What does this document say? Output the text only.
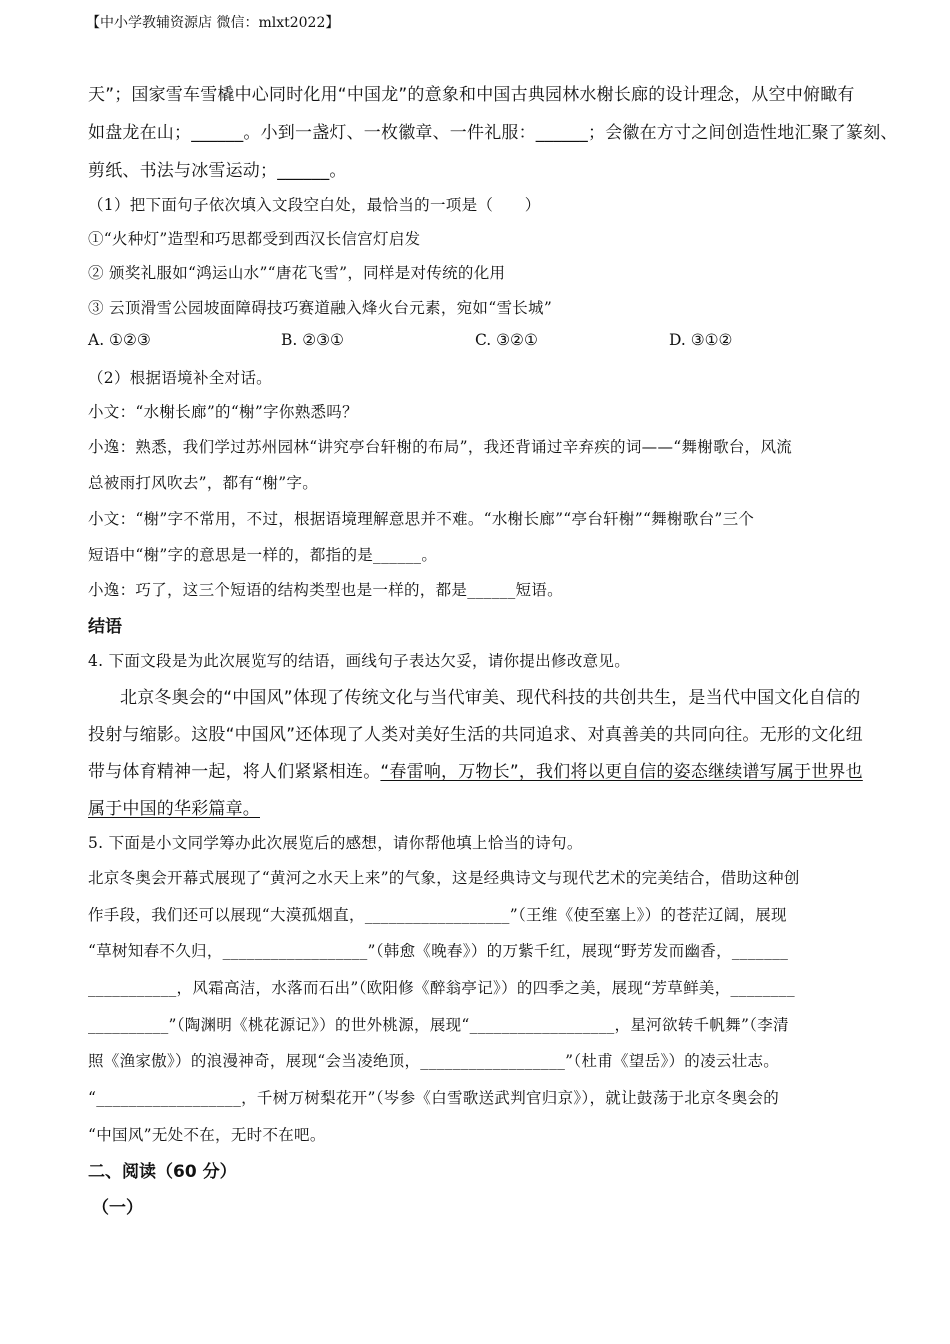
【中小学教辅资源店 微信：mlxt2022】
天”；国家雪车雪橇中心同时化用“中国龙”的意象和中国古典园林水榭长廊的设计理念，从空中俯瞰有
如盘龙在山；______。小到一盏灯、一枚徽章、一件礼服：______；会徽在方寸之间创造性地汇聚了篆刻、
剪纸、书法与冰雪运动；______。
（1）把下面句子依次填入文段空白处，最恰当的一项是（　　）
①“火种灯”造型和巧思都受到西汉长信宫灯启发
② 颁奖礼服如“鸿运山水”“唐花飞雪”，同样是对传统的化用
③ 云顶滑雪公园坡面障碍技巧赛道融入烽火台元素，宛如“雪长城”
A. ①②③	B. ②③①	C. ③②①	D. ③①②
（2）根据语境补全对话。
小文：“水榭长廊”的“榭”字你熟悉吗？
小逸：熟悉，我们学过苏州园林“讲究亭台轩榭的布局”，我还背诵过辛弃疾的词——“舞榭歌台，风流
总被雨打风吹去”，都有“榭”字。
小文：“榭”字不常用，不过，根据语境理解意思并不难。“水榭长廊”“亭台轩榭”“舞榭歌台”三个
短语中“榭”字的意思是一样的，都指的是______。
小逸：巧了，这三个短语的结构类型也是一样的，都是______短语。
结语
4. 下面文段是为此次展览写的结语，画线句子表达欠妥，请你提出修改意见。
北京冬奥会的“中国风”体现了传统文化与当代审美、现代科技的共创共生，是当代中国文化自信的
投射与缩影。这股“中国风”还体现了人类对美好生活的共同追求、对真善美的共同向往。无形的文化纽
带与体育精神一起，将人们紧紧相连。“春雷响，万物长”，我们将以更自信的姿态继续谱写属于世界也
属于中国的华彩篇章。
5. 下面是小文同学筹办此次展览后的感想，请你帮他填上恰当的诗句。
北京冬奥会开幕式展现了“黄河之水天上来”的气象，这是经典诗文与现代艺术的完美结合，借助这种创
作手段，我们还可以展现“大漠孤烟直，__________________”（王维《使至塞上》）的苍茫辽阔，展现
“草树知春不久归，__________________”（韩愈《晚春》）的万紫千红，展现“野芳发而幽香，_______
___________，风霜高洁，水落而石出”（欧阳修《醉翁亭记》）的四季之美，展现“芳草鲜美，________
__________”（陶渊明《桃花源记》）的世外桃源，展现“__________________，星河欲转千帆舞”（李清
照《渔家傲》）的浪漫神奇，展现“会当凌绝顶，__________________”（杜甫《望岳》）的凌云壮志。
“__________________，千树万树梨花开”（岑参《白雪歌送武判官归京》），就让鼓荡于北京冬奥会的
“中国风”无处不在，无时不在吧。
二、阅读（60 分）
（一）
